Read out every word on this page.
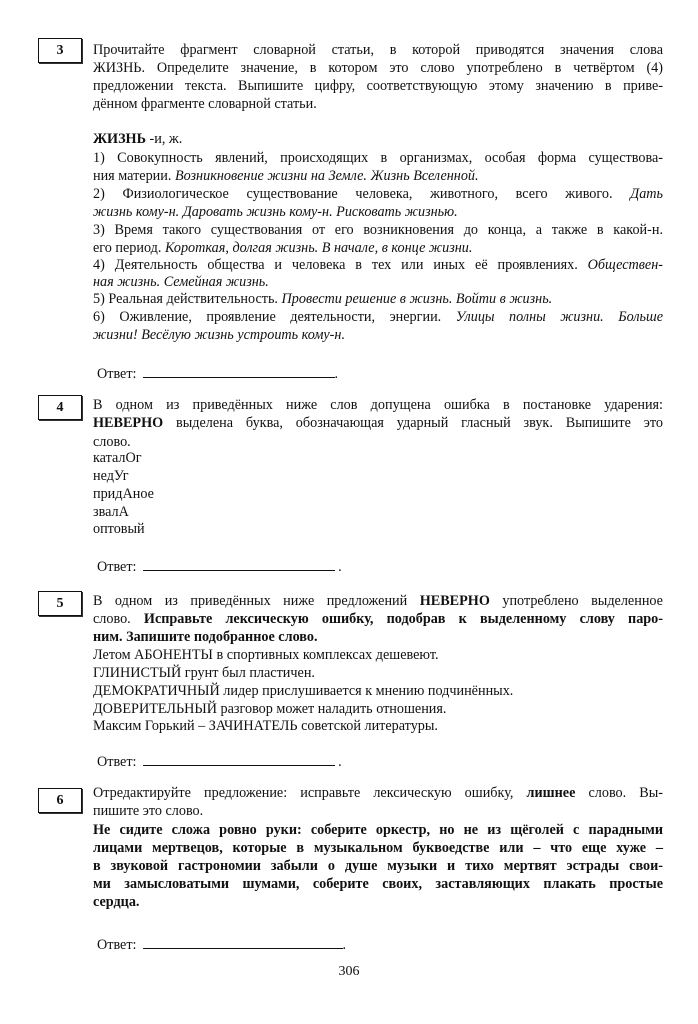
3	Прочитайте фрагмент словарной статьи, в которой приводятся значения слова
ЖИЗНЬ. Определите значение, в котором это слово употреблено в четвёртом (4)
предложении текста. Выпишите цифру, соответствующую этому значению в приве-
дённом фрагменте словарной статьи.
ЖИЗНЬ -и, ж.
1) Совокупность явлений, происходящих в организмах, особая форма существова-
ния материи. Возникновение жизни на Земле. Жизнь Вселенной.
2) Физиологическое существование человека, животного, всего живого. Дать
жизнь кому-н. Даровать жизнь кому-н. Рисковать жизнью.
3) Время такого существования от его возникновения до конца, а также в какой-н.
его период. Короткая, долгая жизнь. В начале, в конце жизни.
4) Деятельность общества и человека в тех или иных её проявлениях. Обществен-
ная жизнь. Семейная жизнь.
5) Реальная действительность. Провести решение в жизнь. Войти в жизнь.
6) Оживление, проявление деятельности, энергии. Улицы полны жизни. Больше
жизни! Весёлую жизнь устроить кому-н.
Ответ:	.
4	В одном из приведённых ниже слов допущена ошибка в постановке ударения:
НЕВЕРНО выделена буква, обозначающая ударный гласный звук. Выпишите это
слово.
каталОг
недУг
придАное
звалА
оптовый
Ответ:	.
5	В одном из приведённых ниже предложений НЕВЕРНО употреблено выделенное
слово. Исправьте лексическую ошибку, подобрав к выделенному слову паро-
ним. Запишите подобранное слово.
Летом АБОНЕНТЫ в спортивных комплексах дешевеют.
ГЛИНИСТЫЙ грунт был пластичен.
ДЕМОКРАТИЧНЫЙ лидер прислушивается к мнению подчинённых.
ДОВЕРИТЕЛЬНЫЙ разговор может наладить отношения.
Максим Горький – ЗАЧИНАТЕЛЬ советской литературы.
Ответ:	.
6	Отредактируйте предложение: исправьте лексическую ошибку, лишнее слово. Вы-
пишите это слово.
Не сидите сложа ровно руки: соберите оркестр, но не из щёголей с парадными
лицами мертвецов, которые в музыкальном буквоедстве или – что еще хуже –
в звуковой гастрономии забыли о душе музыки и тихо мертвят эстрады свои-
ми замысловатыми шумами, соберите своих, заставляющих плакать простые
сердца.
Ответ:	.
306
